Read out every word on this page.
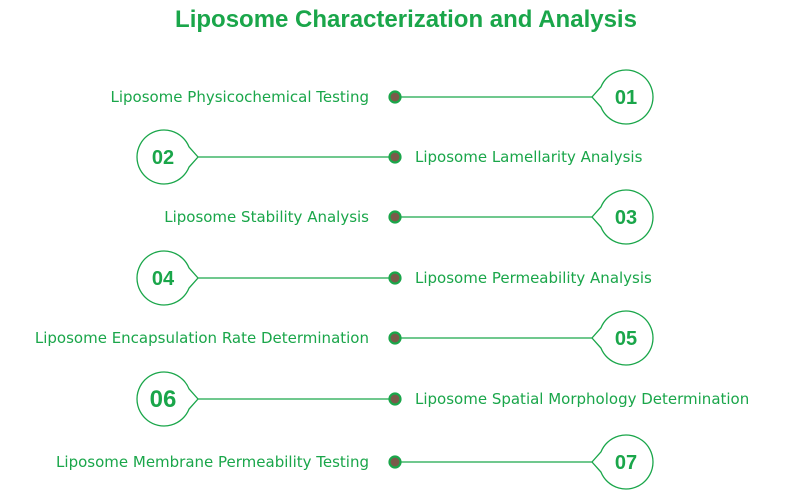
Liposome Characterization and Analysis
01
Liposome Physicochemical Testing
02	Liposome Lamellarity Analysis
03
Liposome Stability Analysis
04	Liposome Permeability Analysis
05
Liposome Encapsulation Rate Determination
06	Liposome Spatial Morphology Determination
07
Liposome Membrane Permeability Testing
